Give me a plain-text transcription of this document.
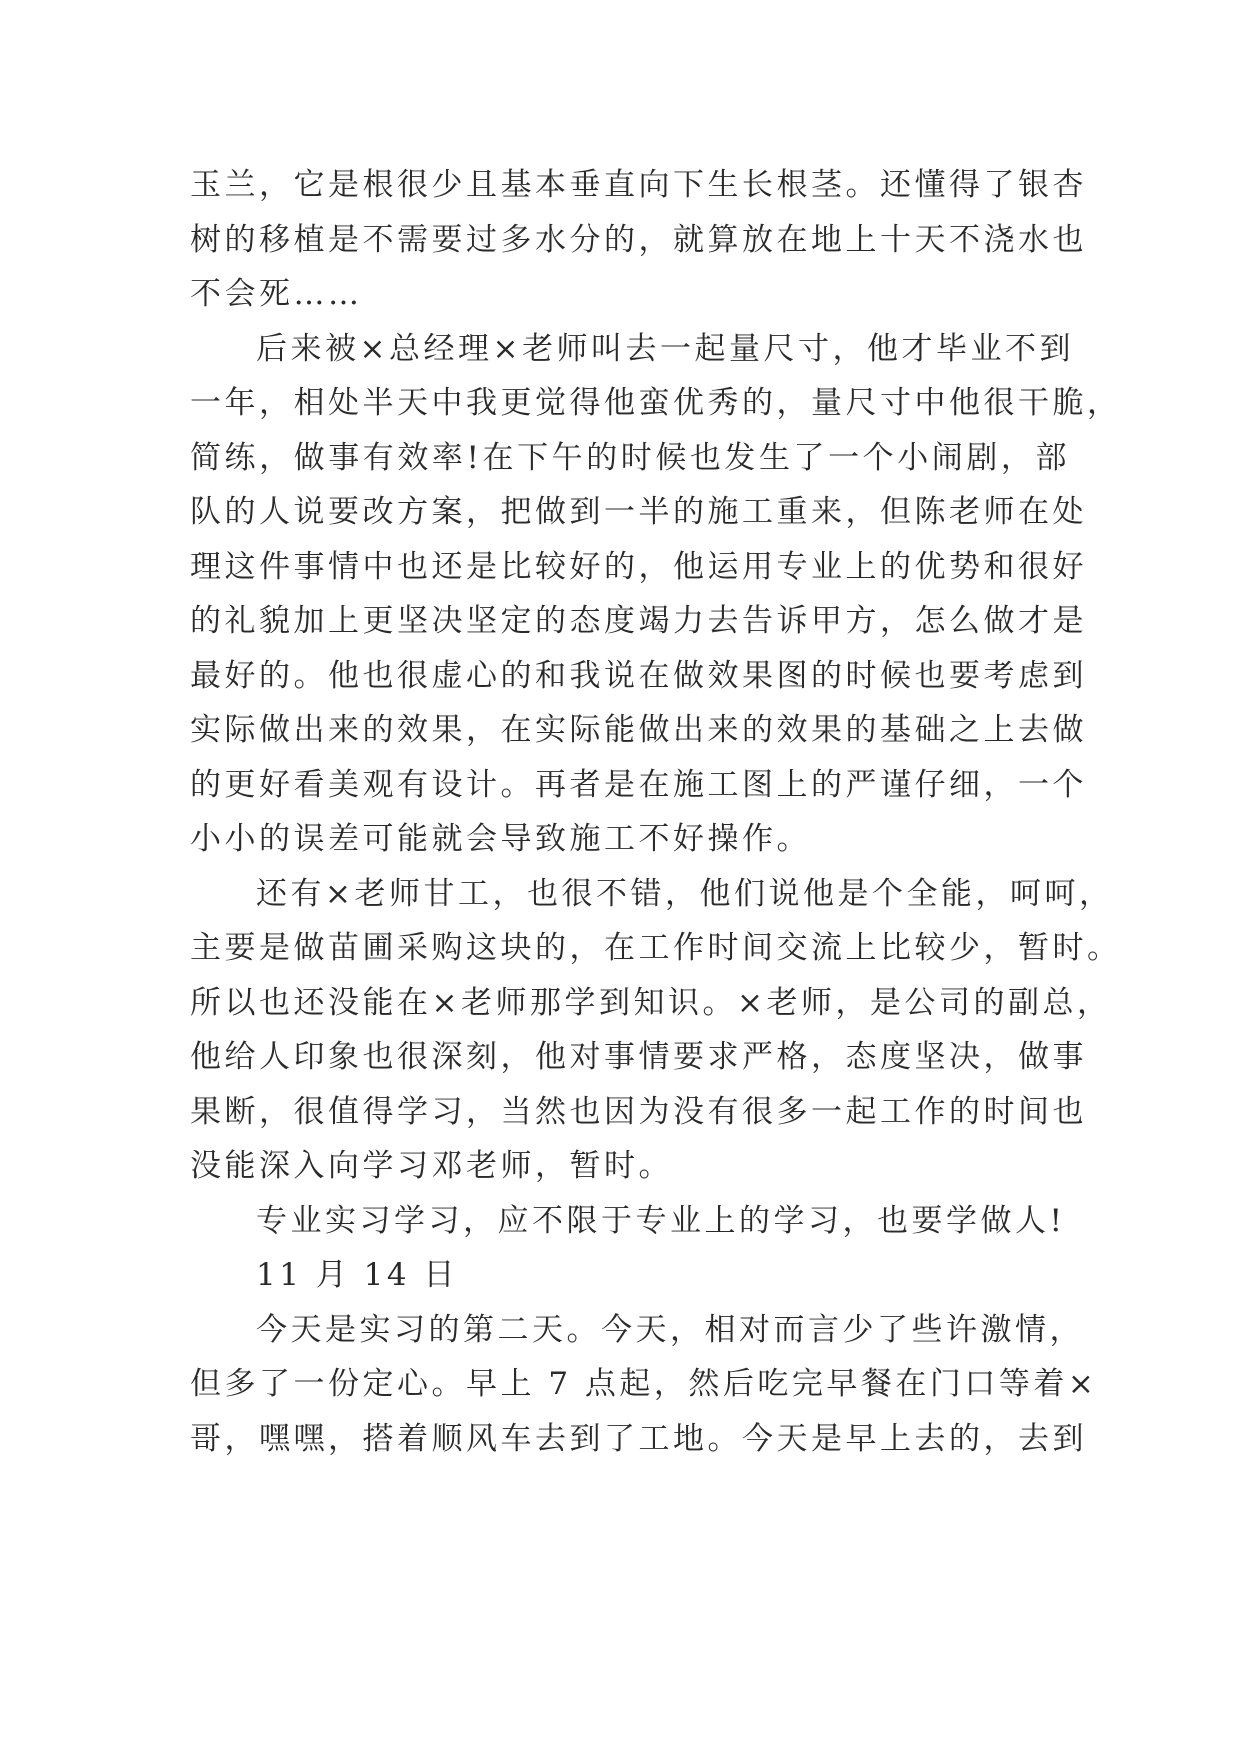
玉兰，它是根很少且基本垂直向下生长根茎。还懂得了银杏
树的移植是不需要过多水分的，就算放在地上十天不浇水也
不会死……
后来被×总经理×老师叫去一起量尺寸，他才毕业不到
一年，相处半天中我更觉得他蛮优秀的，量尺寸中他很干脆，
简练，做事有效率!在下午的时候也发生了一个小闹剧，部
队的人说要改方案，把做到一半的施工重来，但陈老师在处
理这件事情中也还是比较好的，他运用专业上的优势和很好
的礼貌加上更坚决坚定的态度竭力去告诉甲方，怎么做才是
最好的。他也很虚心的和我说在做效果图的时候也要考虑到
实际做出来的效果，在实际能做出来的效果的基础之上去做
的更好看美观有设计。再者是在施工图上的严谨仔细，一个
小小的误差可能就会导致施工不好操作。
还有×老师甘工，也很不错，他们说他是个全能，呵呵，
主要是做苗圃采购这块的，在工作时间交流上比较少，暂时。
所以也还没能在×老师那学到知识。×老师，是公司的副总，
他给人印象也很深刻，他对事情要求严格，态度坚决，做事
果断，很值得学习，当然也因为没有很多一起工作的时间也
没能深入向学习邓老师，暂时。
专业实习学习，应不限于专业上的学习，也要学做人!
11 月 14 日
今天是实习的第二天。今天，相对而言少了些许激情，
但多了一份定心。早上 7 点起，然后吃完早餐在门口等着×
哥，嘿嘿，搭着顺风车去到了工地。今天是早上去的，去到
